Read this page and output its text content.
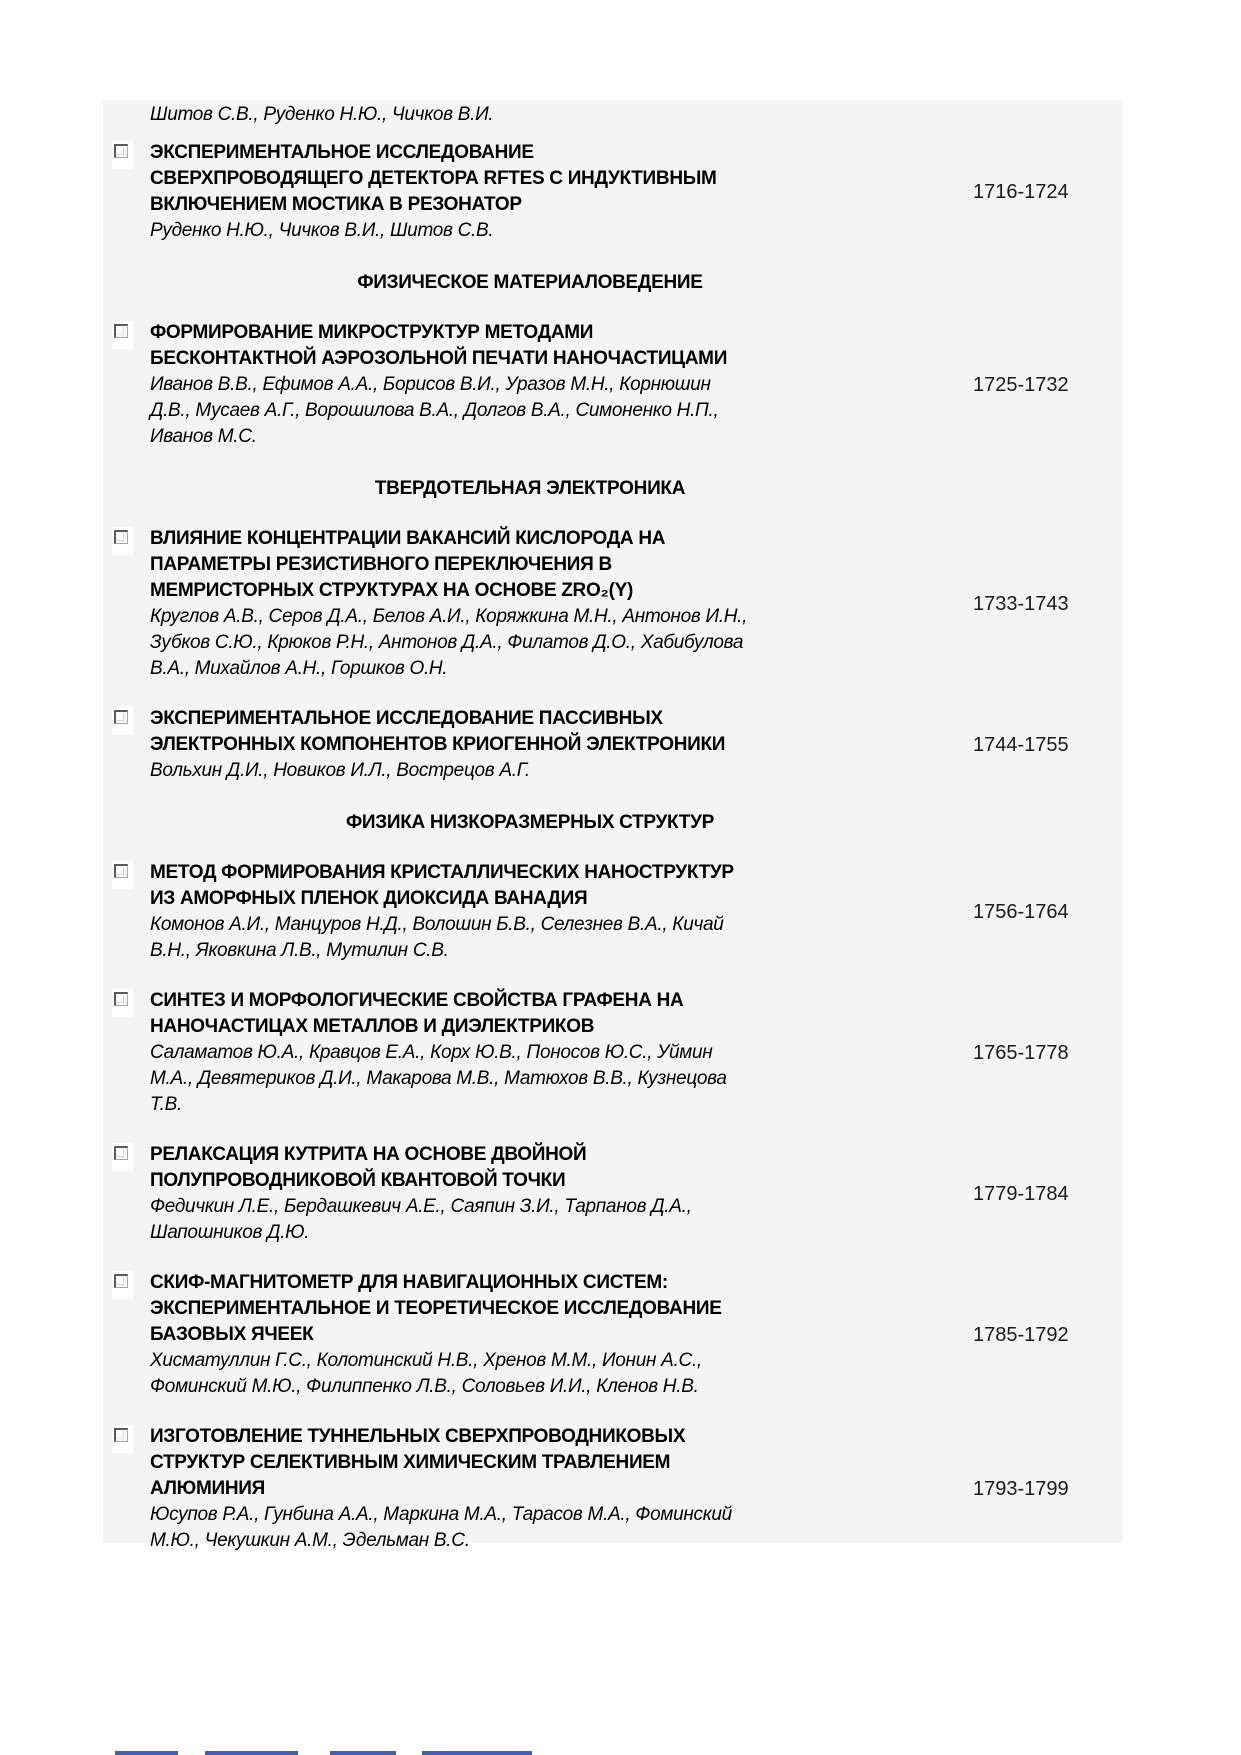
Шитов С.В., Руденко Н.Ю., Чичков В.И.
ЭКСПЕРИМЕНТАЛЬНОЕ ИССЛЕДОВАНИЕ СВЕРХПРОВОДЯЩЕГО ДЕТЕКТОРА RFTES С ИНДУКТИВНЫМ ВКЛЮЧЕНИЕМ МОСТИКА В РЕЗОНАТОР
Руденко Н.Ю., Чичков В.И., Шитов С.В.
1716-1724
ФИЗИЧЕСКОЕ МАТЕРИАЛОВЕДЕНИЕ
ФОРМИРОВАНИЕ МИКРОСТРУКТУР МЕТОДАМИ БЕСКОНТАКТНОЙ АЭРОЗОЛЬНОЙ ПЕЧАТИ НАНОЧАСТИЦАМИ
Иванов В.В., Ефимов А.А., Борисов В.И., Уразов М.Н., Корнюшин Д.В., Мусаев А.Г., Ворошилова В.А., Долгов В.А., Симоненко Н.П., Иванов М.С.
1725-1732
ТВЕРДОТЕЛЬНАЯ ЭЛЕКТРОНИКА
ВЛИЯНИЕ КОНЦЕНТРАЦИИ ВАКАНСИЙ КИСЛОРОДА НА ПАРАМЕТРЫ РЕЗИСТИВНОГО ПЕРЕКЛЮЧЕНИЯ В МЕМРИСТОРНЫХ СТРУКТУРАХ НА ОСНОВЕ ZRO₂(Y)
Круглов А.В., Серов Д.А., Белов А.И., Коряжкина М.Н., Антонов И.Н., Зубков С.Ю., Крюков Р.Н., Антонов Д.А., Филатов Д.О., Хабибулова В.А., Михайлов А.Н., Горшков О.Н.
1733-1743
ЭКСПЕРИМЕНТАЛЬНОЕ ИССЛЕДОВАНИЕ ПАССИВНЫХ ЭЛЕКТРОННЫХ КОМПОНЕНТОВ КРИОГЕННОЙ ЭЛЕКТРОНИКИ
Вольхин Д.И., Новиков И.Л., Вострецов А.Г.
1744-1755
ФИЗИКА НИЗКОРАЗМЕРНЫХ СТРУКТУР
МЕТОД ФОРМИРОВАНИЯ КРИСТАЛЛИЧЕСКИХ НАНОСТРУКТУР ИЗ АМОРФНЫХ ПЛЕНОК ДИОКСИДА ВАНАДИЯ
Комонов А.И., Манцуров Н.Д., Волошин Б.В., Селезнев В.А., Кичай В.Н., Яковкина Л.В., Мутилин С.В.
1756-1764
СИНТЕЗ И МОРФОЛОГИЧЕСКИЕ СВОЙСТВА ГРАФЕНА НА НАНОЧАСТИЦАХ МЕТАЛЛОВ И ДИЭЛЕКТРИКОВ
Саламатов Ю.А., Кравцов Е.А., Корх Ю.В., Поносов Ю.С., Уймин М.А., Девятериков Д.И., Макарова М.В., Матюхов В.В., Кузнецова Т.В.
1765-1778
РЕЛАКСАЦИЯ КУТРИТА НА ОСНОВЕ ДВОЙНОЙ ПОЛУПРОВОДНИКОВОЙ КВАНТОВОЙ ТОЧКИ
Федичкин Л.Е., Бердашкевич А.Е., Саяпин З.И., Тарпанов Д.А., Шапошников Д.Ю.
1779-1784
СКИФ-МАГНИТОМЕТР ДЛЯ НАВИГАЦИОННЫХ СИСТЕМ: ЭКСПЕРИМЕНТАЛЬНОЕ И ТЕОРЕТИЧЕСКОЕ ИССЛЕДОВАНИЕ БАЗОВЫХ ЯЧЕЕК
Хисматуллин Г.С., Колотинский Н.В., Хренов М.М., Ионин А.С., Фоминский М.Ю., Филиппенко Л.В., Соловьев И.И., Кленов Н.В.
1785-1792
ИЗГОТОВЛЕНИЕ ТУННЕЛЬНЫХ СВЕРХПРОВОДНИКОВЫХ СТРУКТУР СЕЛЕКТИВНЫМ ХИМИЧЕСКИМ ТРАВЛЕНИЕМ АЛЮМИНИЯ
Юсупов Р.А., Гунбина А.А., Маркина М.А., Тарасов М.А., Фоминский М.Ю., Чекушкин А.М., Эдельман В.С.
1793-1799
